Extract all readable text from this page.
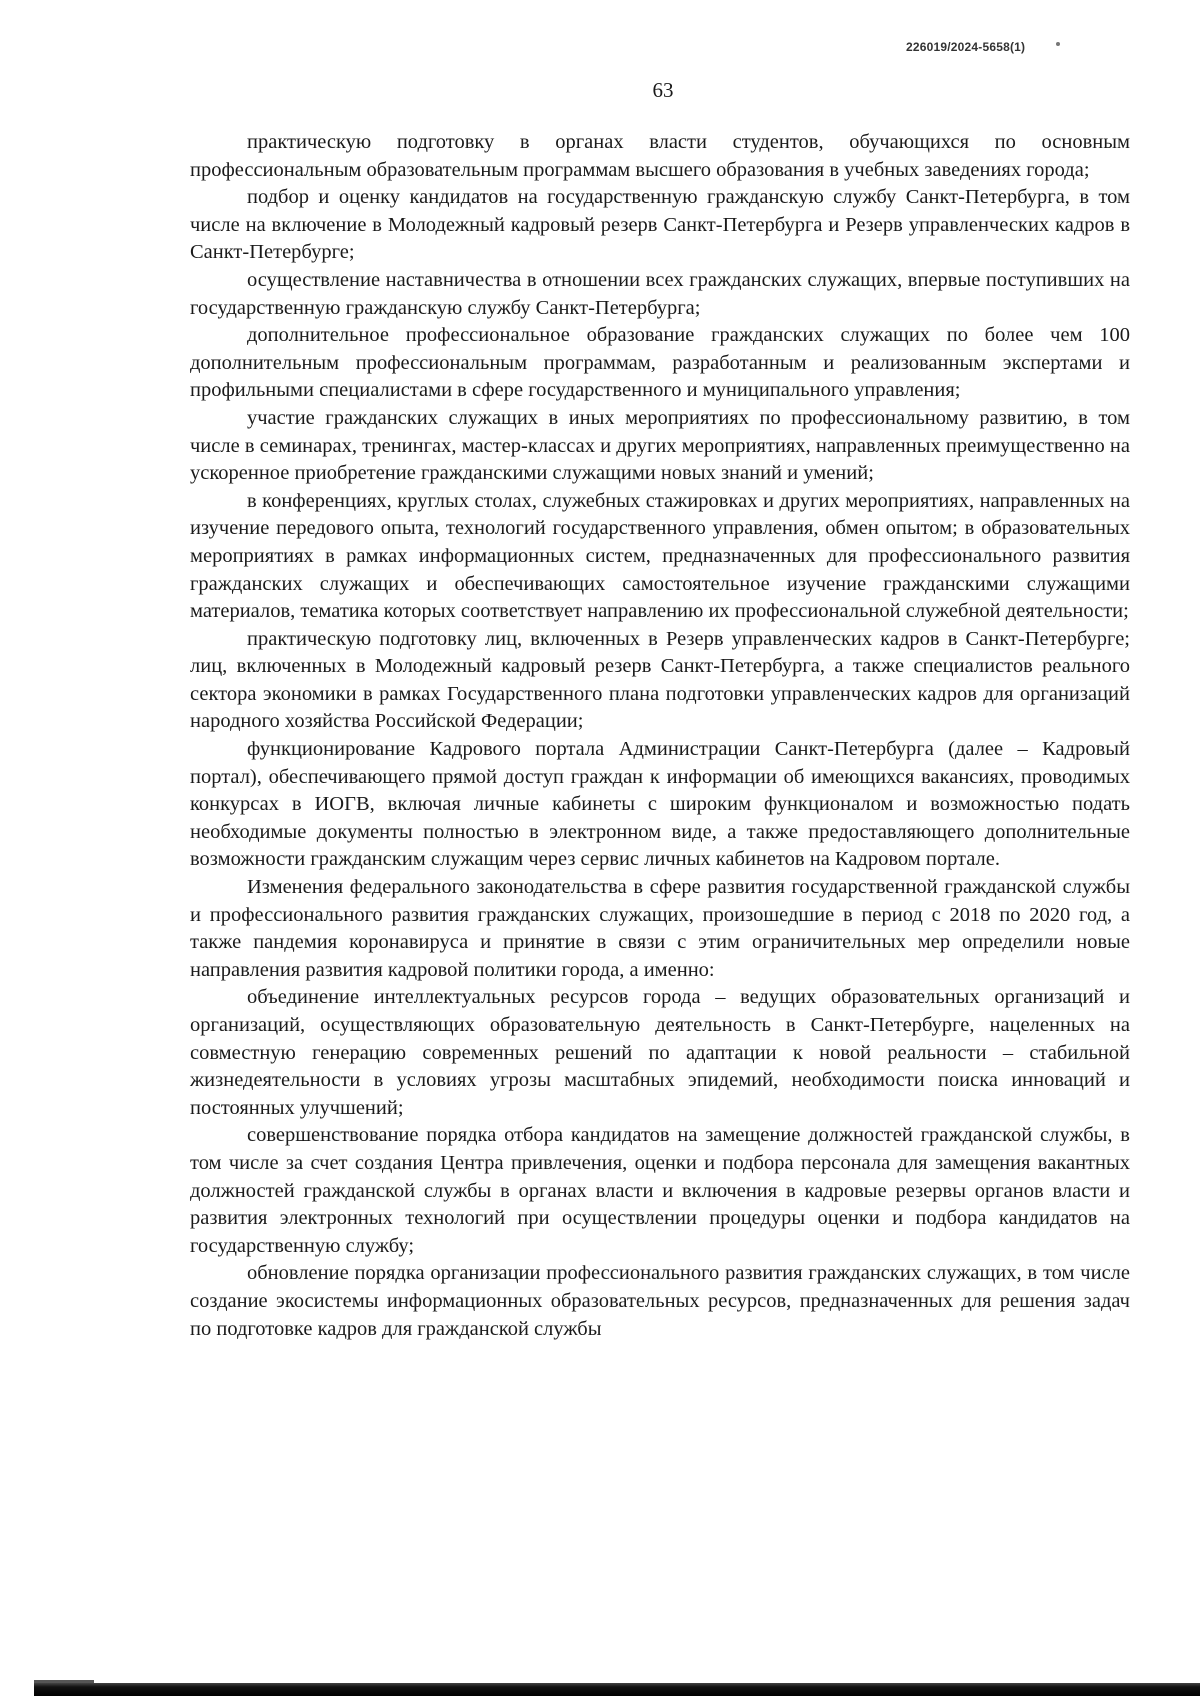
226019/2024-5658(1)
63

практическую подготовку в органах власти студентов, обучающихся по основным профессиональным образовательным программам высшего образования в учебных заведениях города;

подбор и оценку кандидатов на государственную гражданскую службу Санкт-Петербурга, в том числе на включение в Молодежный кадровый резерв Санкт-Петербурга и Резерв управленческих кадров в Санкт-Петербурге;

осуществление наставничества в отношении всех гражданских служащих, впервые поступивших на государственную гражданскую службу Санкт-Петербурга;

дополнительное профессиональное образование гражданских служащих по более чем 100 дополнительным профессиональным программам, разработанным и реализованным экспертами и профильными специалистами в сфере государственного и муниципального управления;

участие гражданских служащих в иных мероприятиях по профессиональному развитию, в том числе в семинарах, тренингах, мастер-классах и других мероприятиях, направленных преимущественно на ускоренное приобретение гражданскими служащими новых знаний и умений;

в конференциях, круглых столах, служебных стажировках и других мероприятиях, направленных на изучение передового опыта, технологий государственного управления, обмен опытом; в образовательных мероприятиях в рамках информационных систем, предназначенных для профессионального развития гражданских служащих и обеспечивающих самостоятельное изучение гражданскими служащими материалов, тематика которых соответствует направлению их профессиональной служебной деятельности;

практическую подготовку лиц, включенных в Резерв управленческих кадров в Санкт-Петербурге; лиц, включенных в Молодежный кадровый резерв Санкт-Петербурга, а также специалистов реального сектора экономики в рамках Государственного плана подготовки управленческих кадров для организаций народного хозяйства Российской Федерации;

функционирование Кадрового портала Администрации Санкт-Петербурга (далее – Кадровый портал), обеспечивающего прямой доступ граждан к информации об имеющихся вакансиях, проводимых конкурсах в ИОГВ, включая личные кабинеты с широким функционалом и возможностью подать необходимые документы полностью в электронном виде, а также предоставляющего дополнительные возможности гражданским служащим через сервис личных кабинетов на Кадровом портале.

Изменения федерального законодательства в сфере развития государственной гражданской службы и профессионального развития гражданских служащих, произошедшие в период с 2018 по 2020 год, а также пандемия коронавируса и принятие в связи с этим ограничительных мер определили новые направления развития кадровой политики города, а именно:

объединение интеллектуальных ресурсов города – ведущих образовательных организаций и организаций, осуществляющих образовательную деятельность в Санкт-Петербурге, нацеленных на совместную генерацию современных решений по адаптации к новой реальности – стабильной жизнедеятельности в условиях угрозы масштабных эпидемий, необходимости поиска инноваций и постоянных улучшений;

совершенствование порядка отбора кандидатов на замещение должностей гражданской службы, в том числе за счет создания Центра привлечения, оценки и подбора персонала для замещения вакантных должностей гражданской службы в органах власти и включения в кадровые резервы органов власти и развития электронных технологий при осуществлении процедуры оценки и подбора кандидатов на государственную службу;

обновление порядка организации профессионального развития гражданских служащих, в том числе создание экосистемы информационных образовательных ресурсов, предназначенных для решения задач по подготовке кадров для гражданской службы
